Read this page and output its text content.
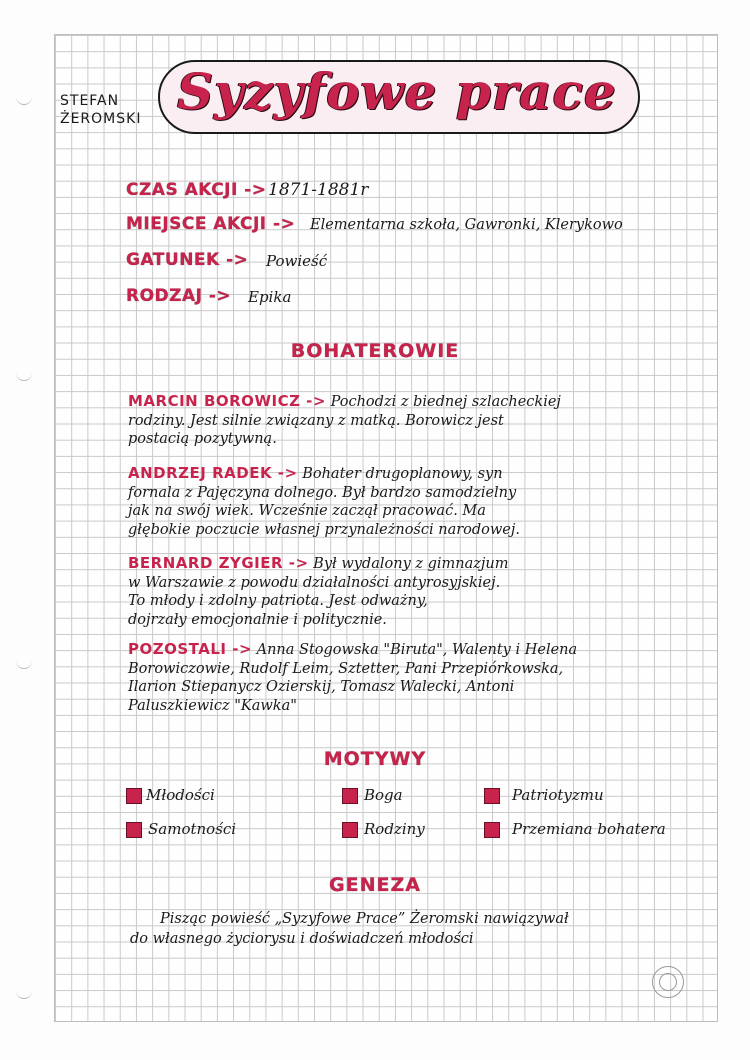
STEFAN
ŻEROMSKI Syzyfowe prace
CZAS AKCJI -> 1871-1881r
MIEJSCE AKCJI -> Elementarna szkoła, Gawronki, Klerykowo
GATUNEK -> Powieść
RODZAJ -> Epika
BOHATEROWIE
MARCIN BOROWICZ -> Pochodzi z biednej szlacheckiej
rodziny. Jest silnie związany z matką. Borowicz jest
postacią pozytywną.
ANDRZEJ RADEK -> Bohater drugoplanowy, syn
fornala z Pajęczyna dolnego. Był bardzo samodzielny
jak na swój wiek. Wcześnie zaczął pracować. Ma
głębokie poczucie własnej przynależności narodowej.
BERNARD ZYGIER -> Był wydalony z gimnazjum
w Warszawie z powodu działalności antyrosyjskiej.
To młody i zdolny patriota. Jest odważny,
dojrzały emocjonalnie i politycznie.
POZOSTALI -> Anna Stogowska "Biruta", Walenty i Helena
Borowiczowie, Rudolf Leim, Sztetter, Pani Przepiórkowska,
Ilarion Stiepanycz Ozierskij, Tomasz Walecki, Antoni
Paluszkiewicz "Kawka"
MOTYWY
Młodości	Boga	Patriotyzmu
Samotności	Rodziny	Przemiana bohatera
GENEZA
Pisząc powieść „Syzyfowe Prace” Żeromski nawiązywał
do własnego życiorysu i doświadczeń młodości
